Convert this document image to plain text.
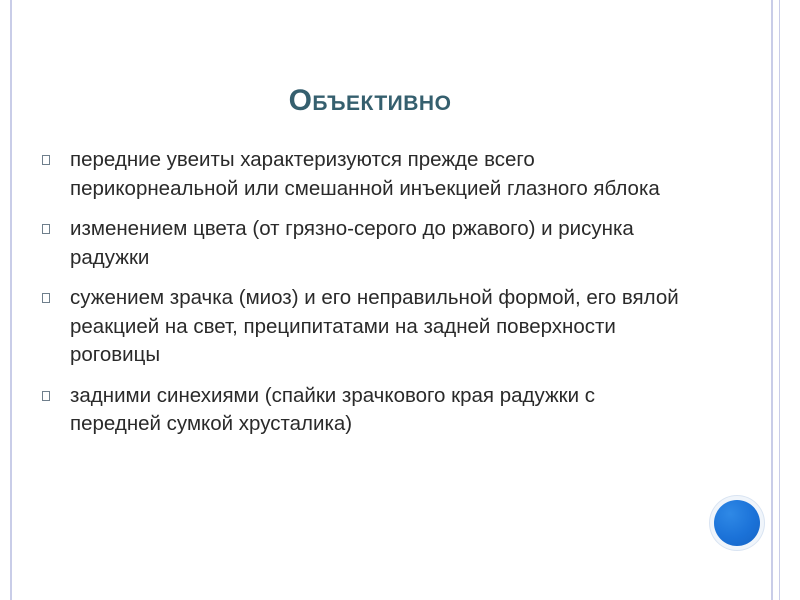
Объективно
передние увеиты характеризуются прежде всего перикорнеальной или смешанной инъекцией глазного яблока
изменением цвета (от грязно-серого до ржавого) и рисунка радужки
сужением зрачка (миоз) и его неправильной формой, его вялой реакцией на свет, преципитатами на задней поверхности роговицы
задними синехиями (спайки зрачкового края радужки с передней сумкой хрусталика)
